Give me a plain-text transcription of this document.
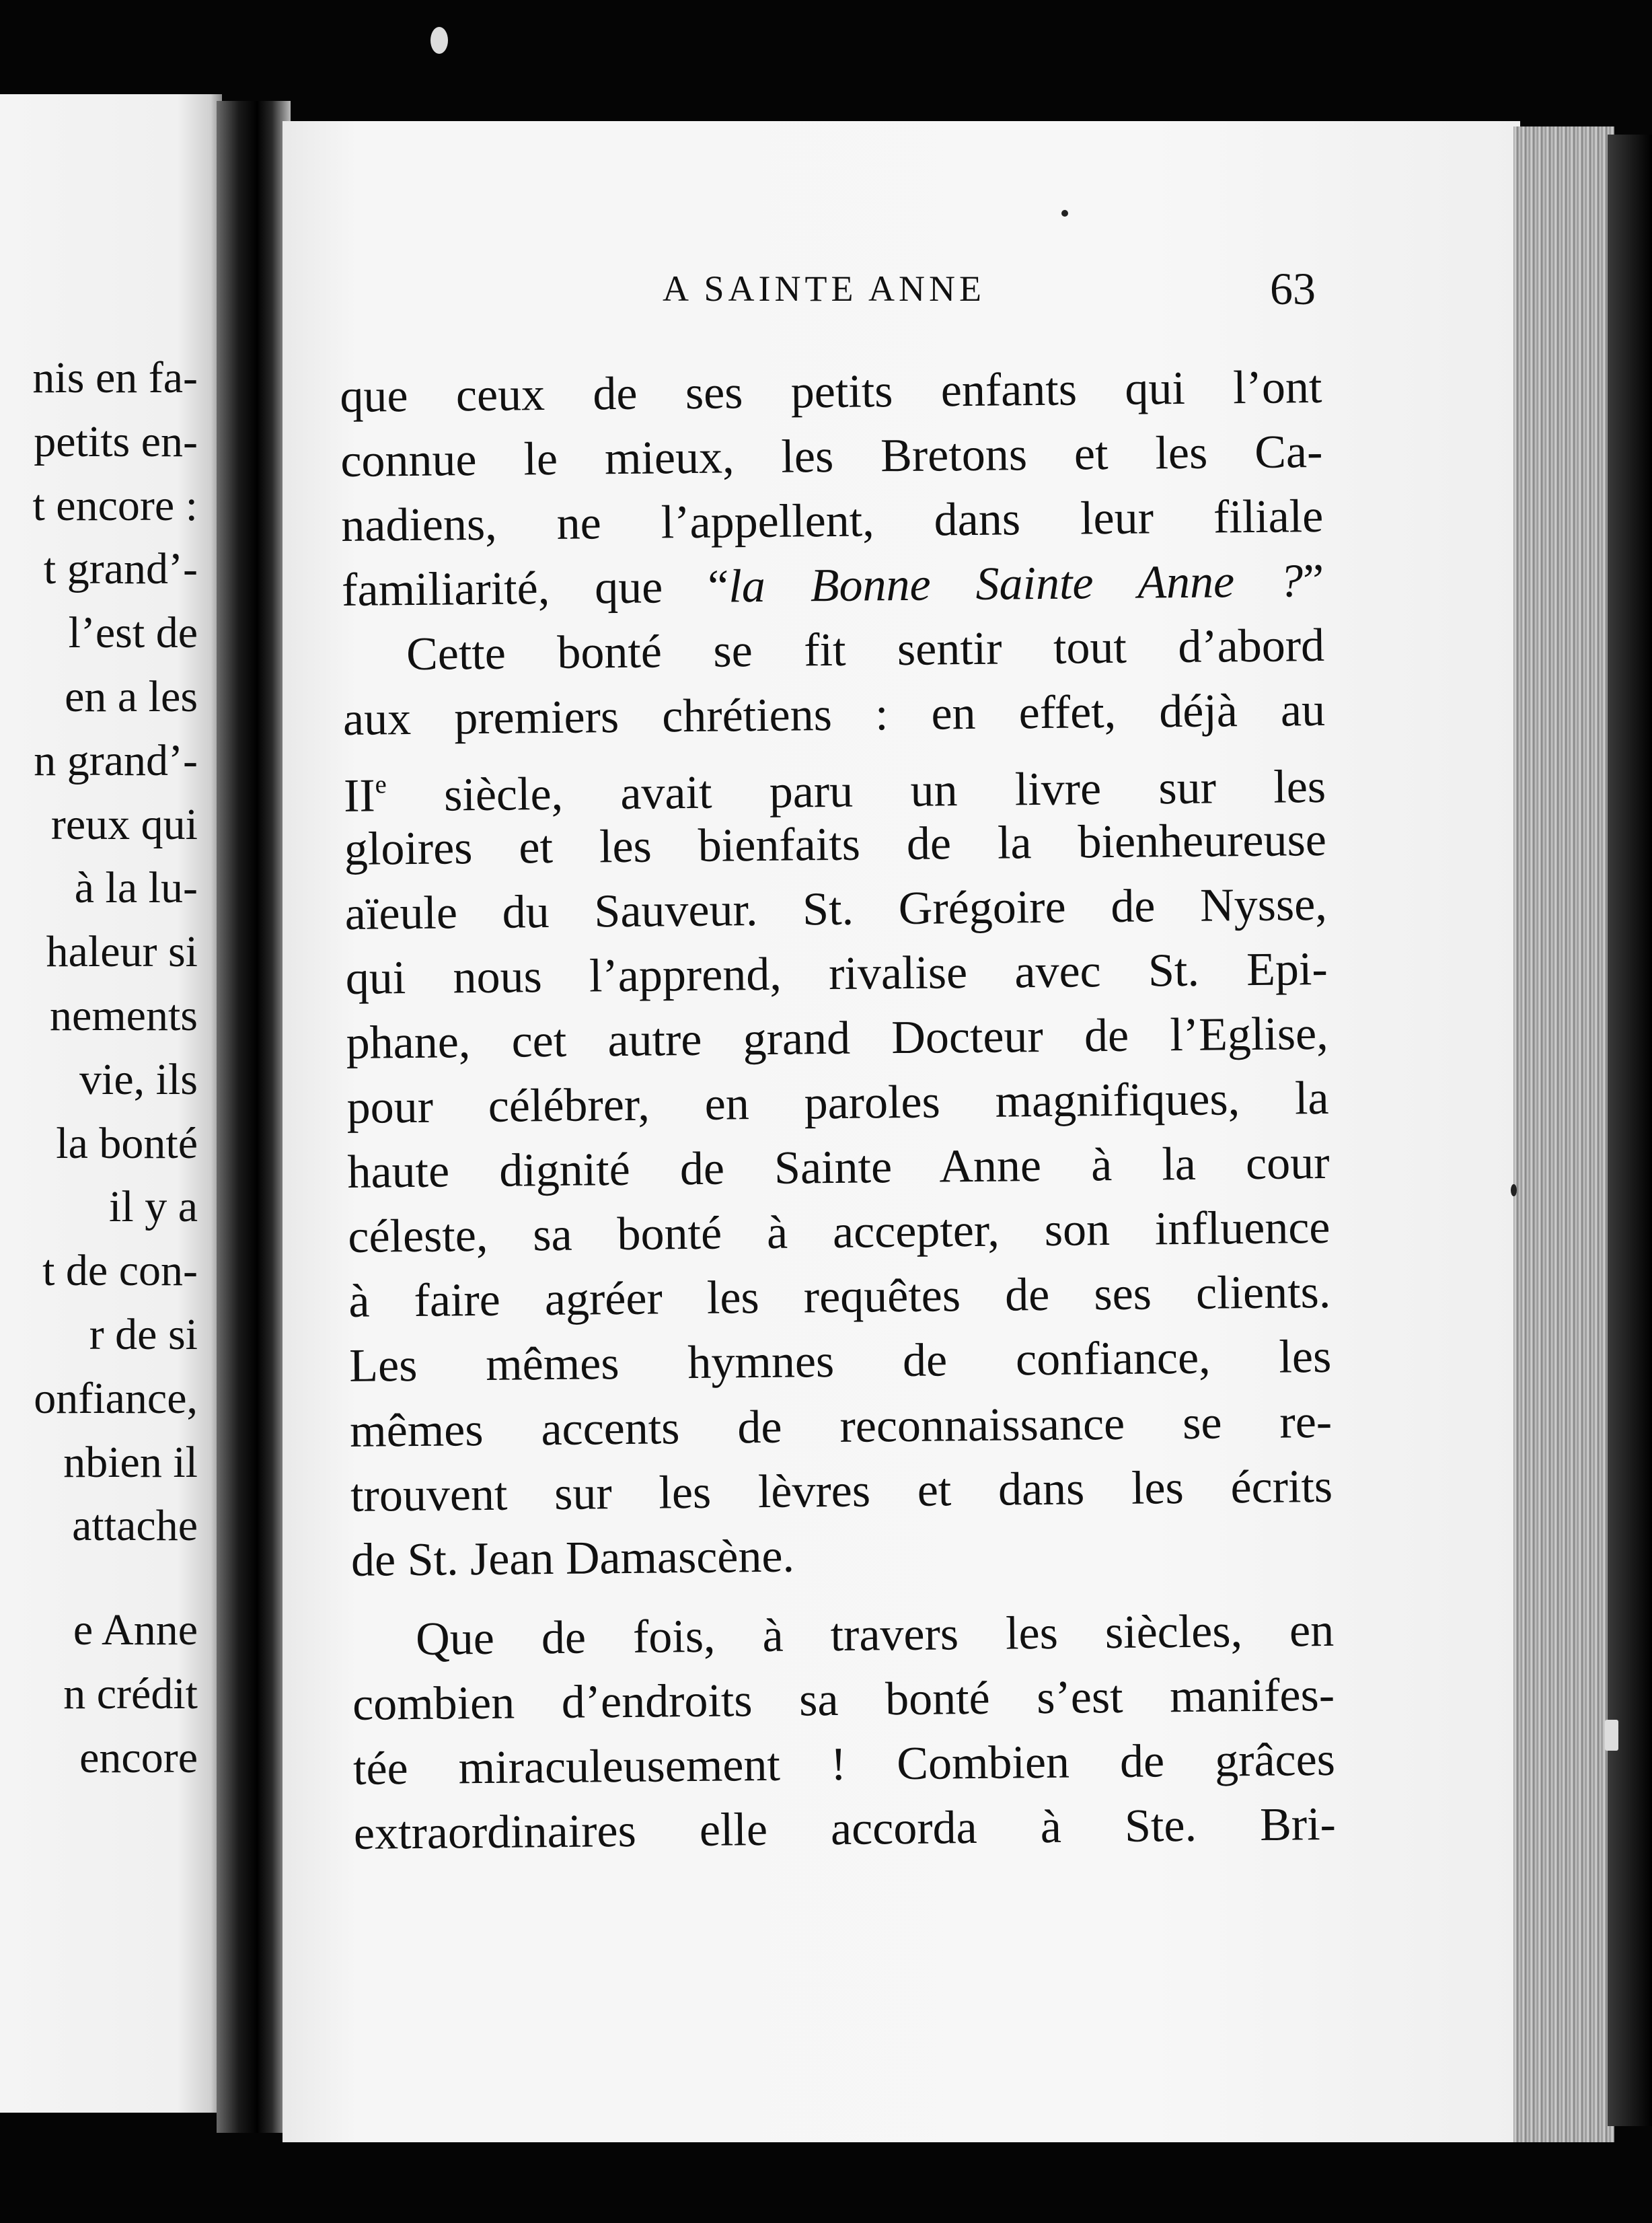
nis en fa-
petits en-
t encore :
t grand’-
l’est de
en a les
n grand’-
reux qui
à la lu-
haleur si
nements
vie, ils
la bonté
il y a
t de con-
r de si
onfiance,
nbien il
attache
e Anne
n crédit
encore
A SAINTE ANNE	63
que ceux de ses petits enfants qui l’ont
connue le mieux, les Bretons et les Ca-
nadiens, ne l’appellent, dans leur filiale
familiarité, que “la Bonne Sainte Anne ?”
Cette bonté se fit sentir tout d’abord
aux premiers chrétiens : en effet, déjà au
IIe siècle, avait paru un livre sur les
gloires et les bienfaits de la bienheureuse
aïeule du Sauveur. St. Grégoire de Nysse,
qui nous l’apprend, rivalise avec St. Epi-
phane, cet autre grand Docteur de l’Eglise,
pour célébrer, en paroles magnifiques, la
haute dignité de Sainte Anne à la cour
céleste, sa bonté à accepter, son influence
à faire agréer les requêtes de ses clients.
Les mêmes hymnes de confiance, les
mêmes accents de reconnaissance se re-
trouvent sur les lèvres et dans les écrits
de St. Jean Damascène.
Que de fois, à travers les siècles, en
combien d’endroits sa bonté s’est manifes-
tée miraculeusement ! Combien de grâces
extraordinaires elle accorda à Ste. Bri-
